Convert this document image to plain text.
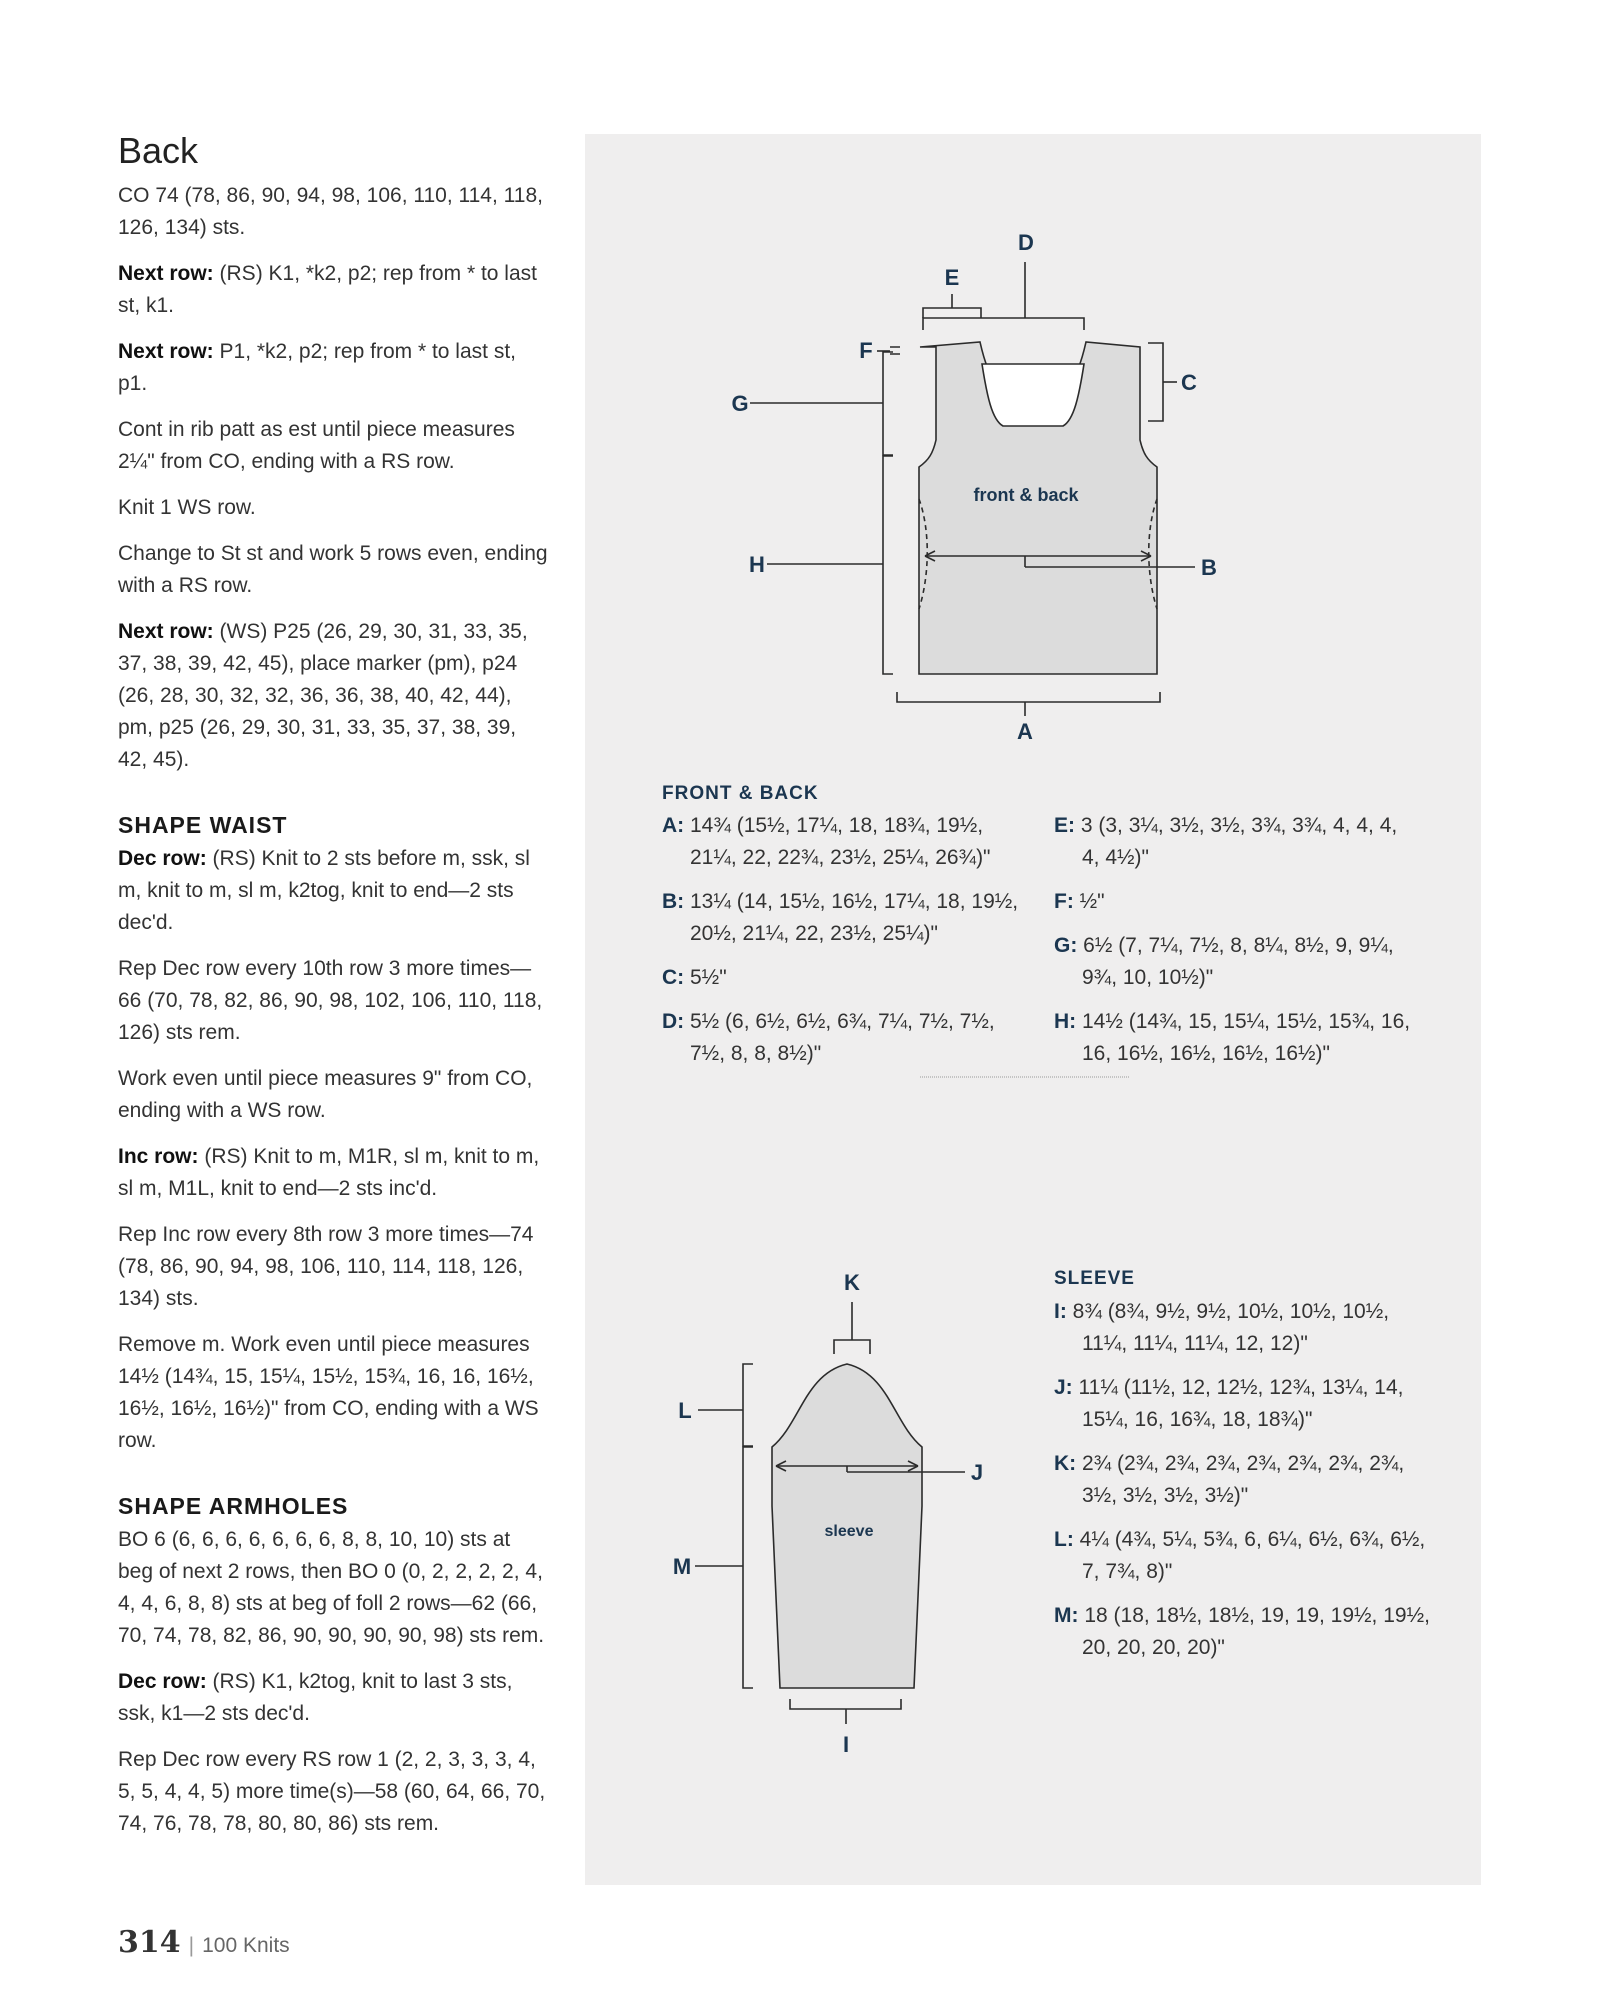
Back

CO 74 (78, 86, 90, 94, 98, 106, 110, 114, 118, 126, 134) sts.

Next row: (RS) K1, *k2, p2; rep from * to last st, k1.

Next row: P1, *k2, p2; rep from * to last st, p1.

Cont in rib patt as est until piece measures 2¼" from CO, ending with a RS row.

Knit 1 WS row.

Change to St st and work 5 rows even, ending with a RS row.

Next row: (WS) P25 (26, 29, 30, 31, 33, 35, 37, 38, 39, 42, 45), place marker (pm), p24 (26, 28, 30, 32, 32, 36, 36, 38, 40, 42, 44), pm, p25 (26, 29, 30, 31, 33, 35, 37, 38, 39, 42, 45).

SHAPE WAIST

Dec row: (RS) Knit to 2 sts before m, ssk, sl m, knit to m, sl m, k2tog, knit to end—2 sts dec'd.

Rep Dec row every 10th row 3 more times—66 (70, 78, 82, 86, 90, 98, 102, 106, 110, 118, 126) sts rem.

Work even until piece measures 9" from CO, ending with a WS row.

Inc row: (RS) Knit to m, M1R, sl m, knit to m, sl m, M1L, knit to end—2 sts inc'd.

Rep Inc row every 8th row 3 more times—74 (78, 86, 90, 94, 98, 106, 110, 114, 118, 126, 134) sts.

Remove m. Work even until piece measures 14½ (14¾, 15, 15¼, 15½, 15¾, 16, 16, 16½, 16½, 16½, 16½)" from CO, ending with a WS row.

SHAPE ARMHOLES

BO 6 (6, 6, 6, 6, 6, 6, 6, 8, 8, 10, 10) sts at beg of next 2 rows, then BO 0 (0, 2, 2, 2, 2, 4, 4, 4, 6, 8, 8) sts at beg of foll 2 rows—62 (66, 70, 74, 78, 82, 86, 90, 90, 90, 90, 98) sts rem.

Dec row: (RS) K1, k2tog, knit to last 3 sts, ssk, k1—2 sts dec'd.

Rep Dec row every RS row 1 (2, 2, 3, 3, 3, 4, 5, 5, 4, 4, 5) more time(s)—58 (60, 64, 66, 70, 74, 76, 78, 78, 80, 80, 86) sts rem.

D
E
F
C
G
H	B
A
K
L
J
M
I
front & back
sleeve
FRONT & BACK

A: 14¾ (15½, 17¼, 18, 18¾, 19½, 21¼, 22, 22¾, 23½, 25¼, 26¾)"

B: 13¼ (14, 15½, 16½, 17¼, 18, 19½, 20½, 21¼, 22, 23½, 25¼)"

C: 5½"

D: 5½ (6, 6½, 6½, 6¾, 7¼, 7½, 7½, 7½, 8, 8, 8½)"

E: 3 (3, 3¼, 3½, 3½, 3¾, 3¾, 4, 4, 4, 4, 4½)"

F: ½"

G: 6½ (7, 7¼, 7½, 8, 8¼, 8½, 9, 9¼, 9¾, 10, 10½)"

H: 14½ (14¾, 15, 15¼, 15½, 15¾, 16, 16, 16½, 16½, 16½, 16½)"

SLEEVE

I: 8¾ (8¾, 9½, 9½, 10½, 10½, 10½, 11¼, 11¼, 11¼, 12, 12)"

J: 11¼ (11½, 12, 12½, 12¾, 13¼, 14, 15¼, 16, 16¾, 18, 18¾)"

K: 2¾ (2¾, 2¾, 2¾, 2¾, 2¾, 2¾, 2¾, 3½, 3½, 3½, 3½)"

L: 4¼ (4¾, 5¼, 5¾, 6, 6¼, 6½, 6¾, 6½, 7, 7¾, 8)"

M: 18 (18, 18½, 18½, 19, 19, 19½, 19½, 20, 20, 20, 20)"

314 | 100 Knits
